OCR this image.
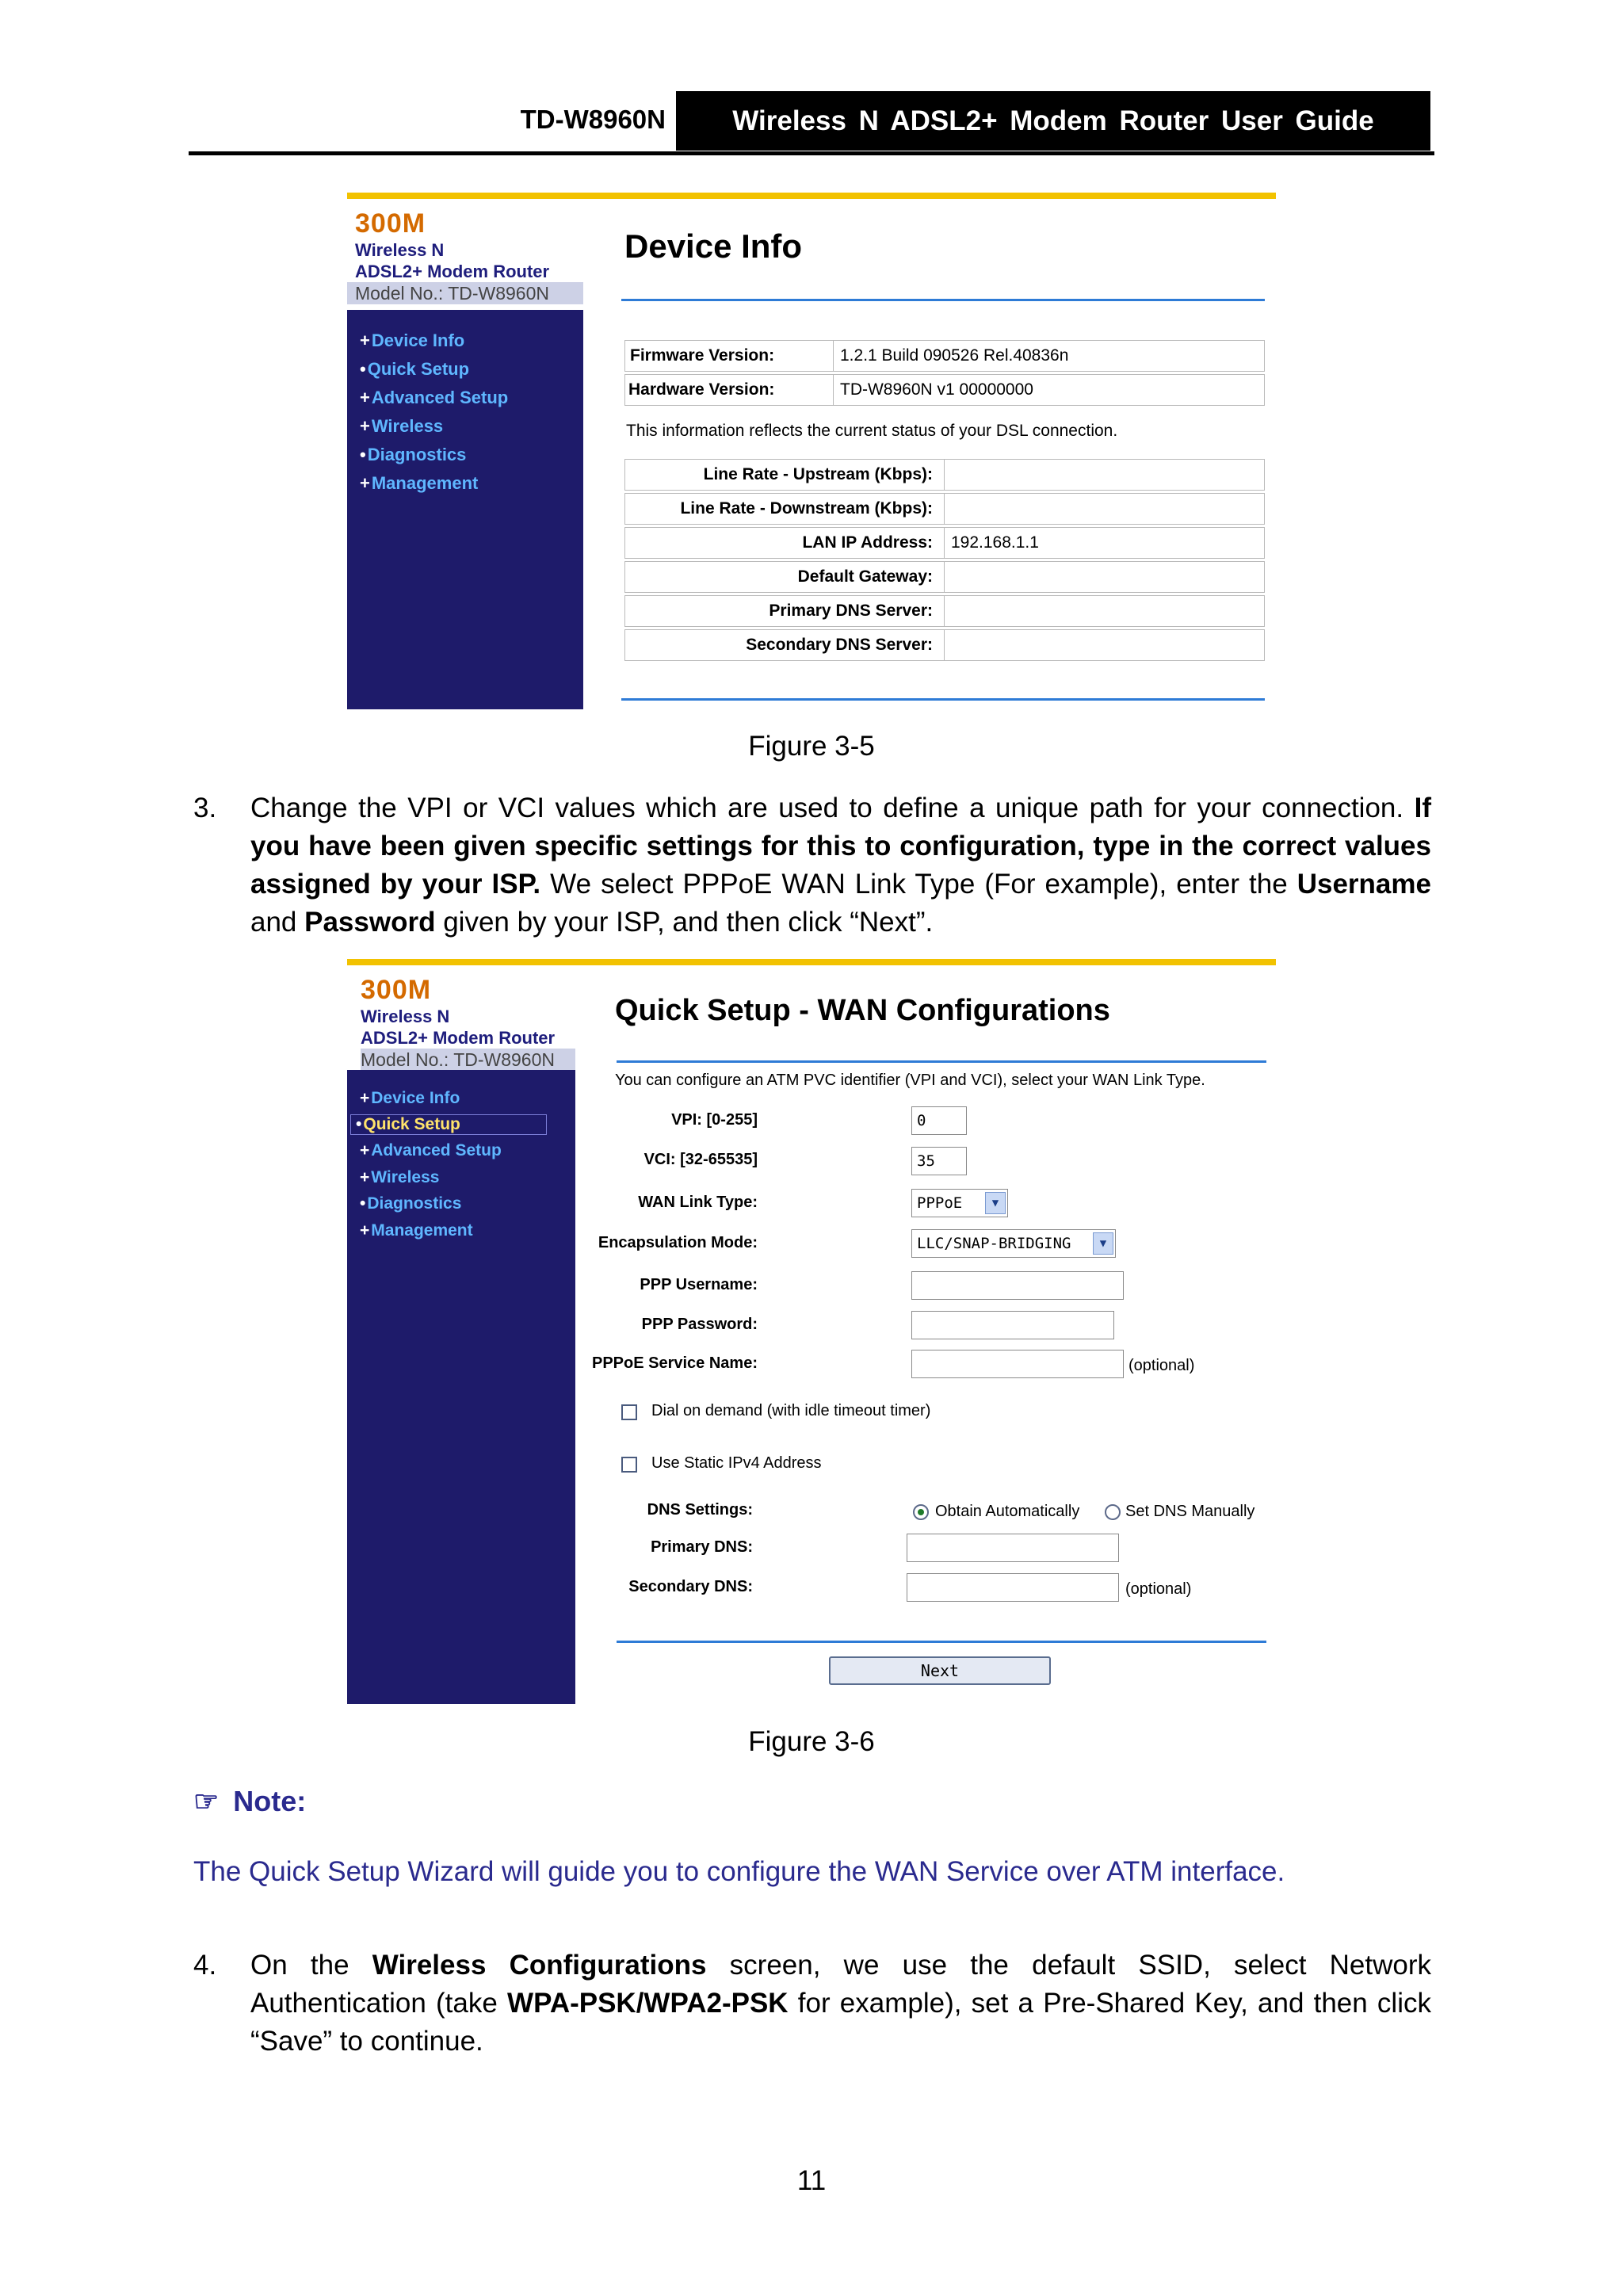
TD-W8960N	Wireless N ADSL2+ Modem Router User Guide
300M
Wireless N
ADSL2+ Modem Router
Model No.: TD-W8960N
+Device Info
•Quick Setup
+Advanced Setup
+Wireless
•Diagnostics
+Management
Device Info
Firmware Version:	1.2.1 Build 090526 Rel.40836n
Hardware Version:	TD-W8960N v1 00000000
This information reflects the current status of your DSL connection.
Line Rate - Upstream (Kbps):
Line Rate - Downstream (Kbps):
LAN IP Address:	192.168.1.1
Default Gateway:
Primary DNS Server:
Secondary DNS Server:
Figure 3-5
3. Change the VPI or VCI values which are used to define a unique path for your connection. If you have been given specific settings for this to configuration, type in the correct values assigned by your ISP. We select PPPoE WAN Link Type (For example), enter the Username and Password given by your ISP, and then click “Next”.
300M
Wireless N
ADSL2+ Modem Router
Model No.: TD-W8960N
+Device Info
•Quick Setup
+Advanced Setup
+Wireless
•Diagnostics
+Management
Quick Setup - WAN Configurations
You can configure an ATM PVC identifier (VPI and VCI), select your WAN Link Type.
VPI: [0-255]	0
VCI: [32-65535]	35
WAN Link Type:	PPPoE	▼
Encapsulation Mode:	LLC/SNAP-BRIDGING	▼
PPP Username:
PPP Password:
PPPoE Service Name:	(optional)
Dial on demand (with idle timeout timer)
Use Static IPv4 Address
DNS Settings:	Obtain Automatically	Set DNS Manually
Primary DNS:
Secondary DNS:	(optional)
Next
Figure 3-6
☞ Note:
The Quick Setup Wizard will guide you to configure the WAN Service over ATM interface.
4. On the Wireless Configurations screen, we use the default SSID, select Network Authentication (take WPA-PSK/WPA2-PSK for example), set a Pre-Shared Key, and then click “Save” to continue.
11
